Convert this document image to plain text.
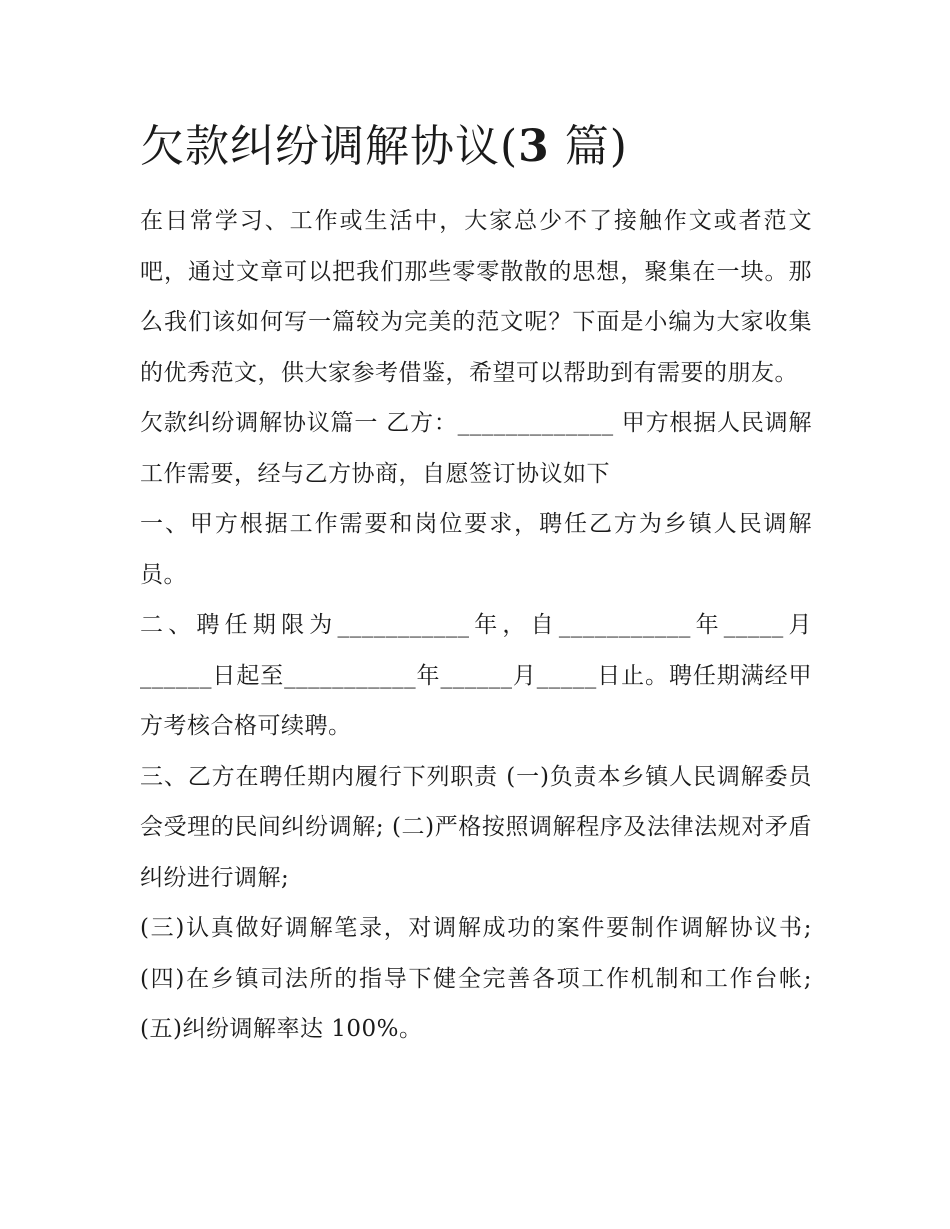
欠款纠纷调解协议(3 篇)

在日常学习、工作或生活中，大家总少不了接触作文或者范文吧，通过文章可以把我们那些零零散散的思想，聚集在一块。那么我们该如何写一篇较为完美的范文呢？下面是小编为大家收集的优秀范文，供大家参考借鉴，希望可以帮助到有需要的朋友。

欠款纠纷调解协议篇一 乙方：_____________ 甲方根据人民调解工作需要，经与乙方协商，自愿签订协议如下

一、甲方根据工作需要和岗位要求，聘任乙方为乡镇人民调解员。

二、聘任期限为___________年，自___________年_____月______日起至___________年______月_____日止。聘任期满经甲方考核合格可续聘。

三、乙方在聘任期内履行下列职责 (一)负责本乡镇人民调解委员会受理的民间纠纷调解; (二)严格按照调解程序及法律法规对矛盾纠纷进行调解;

(三)认真做好调解笔录，对调解成功的案件要制作调解协议书; (四)在乡镇司法所的指导下健全完善各项工作机制和工作台帐; (五)纠纷调解率达 100%。
